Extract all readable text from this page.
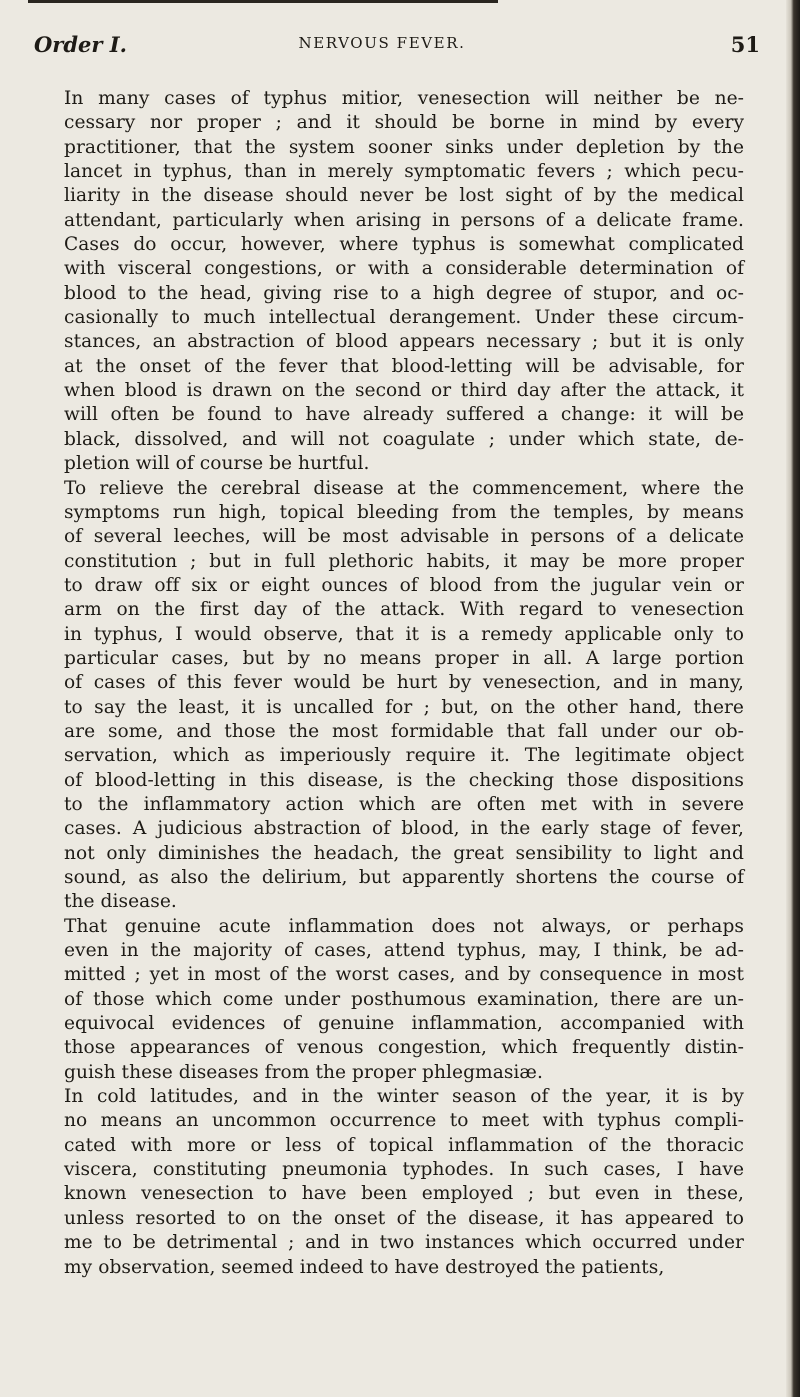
Order I.	NERVOUS FEVER.	51
In many cases of typhus mitior, venesection will neither be ne-
cessary nor proper ; and it should be borne in mind by every
practitioner, that the system sooner sinks under depletion by the
lancet in typhus, than in merely symptomatic fevers ; which pecu-
liarity in the disease should never be lost sight of by the medical
attendant, particularly when arising in persons of a delicate frame.
Cases do occur, however, where typhus is somewhat complicated
with visceral congestions, or with a considerable determination of
blood to the head, giving rise to a high degree of stupor, and oc-
casionally to much intellectual derangement. Under these circum-
stances, an abstraction of blood appears necessary ; but it is only
at the onset of the fever that blood-letting will be advisable, for
when blood is drawn on the second or third day after the attack, it
will often be found to have already suffered a change: it will be
black, dissolved, and will not coagulate ; under which state, de-
pletion will of course be hurtful.
To relieve the cerebral disease at the commencement, where the
symptoms run high, topical bleeding from the temples, by means
of several leeches, will be most advisable in persons of a delicate
constitution ; but in full plethoric habits, it may be more proper
to draw off six or eight ounces of blood from the jugular vein or
arm on the first day of the attack. With regard to venesection
in typhus, I would observe, that it is a remedy applicable only to
particular cases, but by no means proper in all. A large portion
of cases of this fever would be hurt by venesection, and in many,
to say the least, it is uncalled for ; but, on the other hand, there
are some, and those the most formidable that fall under our ob-
servation, which as imperiously require it. The legitimate object
of blood-letting in this disease, is the checking those dispositions
to the inflammatory action which are often met with in severe
cases. A judicious abstraction of blood, in the early stage of fever,
not only diminishes the headach, the great sensibility to light and
sound, as also the delirium, but apparently shortens the course of
the disease.
That genuine acute inflammation does not always, or perhaps
even in the majority of cases, attend typhus, may, I think, be ad-
mitted ; yet in most of the worst cases, and by consequence in most
of those which come under posthumous examination, there are un-
equivocal evidences of genuine inflammation, accompanied with
those appearances of venous congestion, which frequently distin-
guish these diseases from the proper phlegmasiæ.
In cold latitudes, and in the winter season of the year, it is by
no means an uncommon occurrence to meet with typhus compli-
cated with more or less of topical inflammation of the thoracic
viscera, constituting pneumonia typhodes. In such cases, I have
known venesection to have been employed ; but even in these,
unless resorted to on the onset of the disease, it has appeared to
me to be detrimental ; and in two instances which occurred under
my observation, seemed indeed to have destroyed the patients,
